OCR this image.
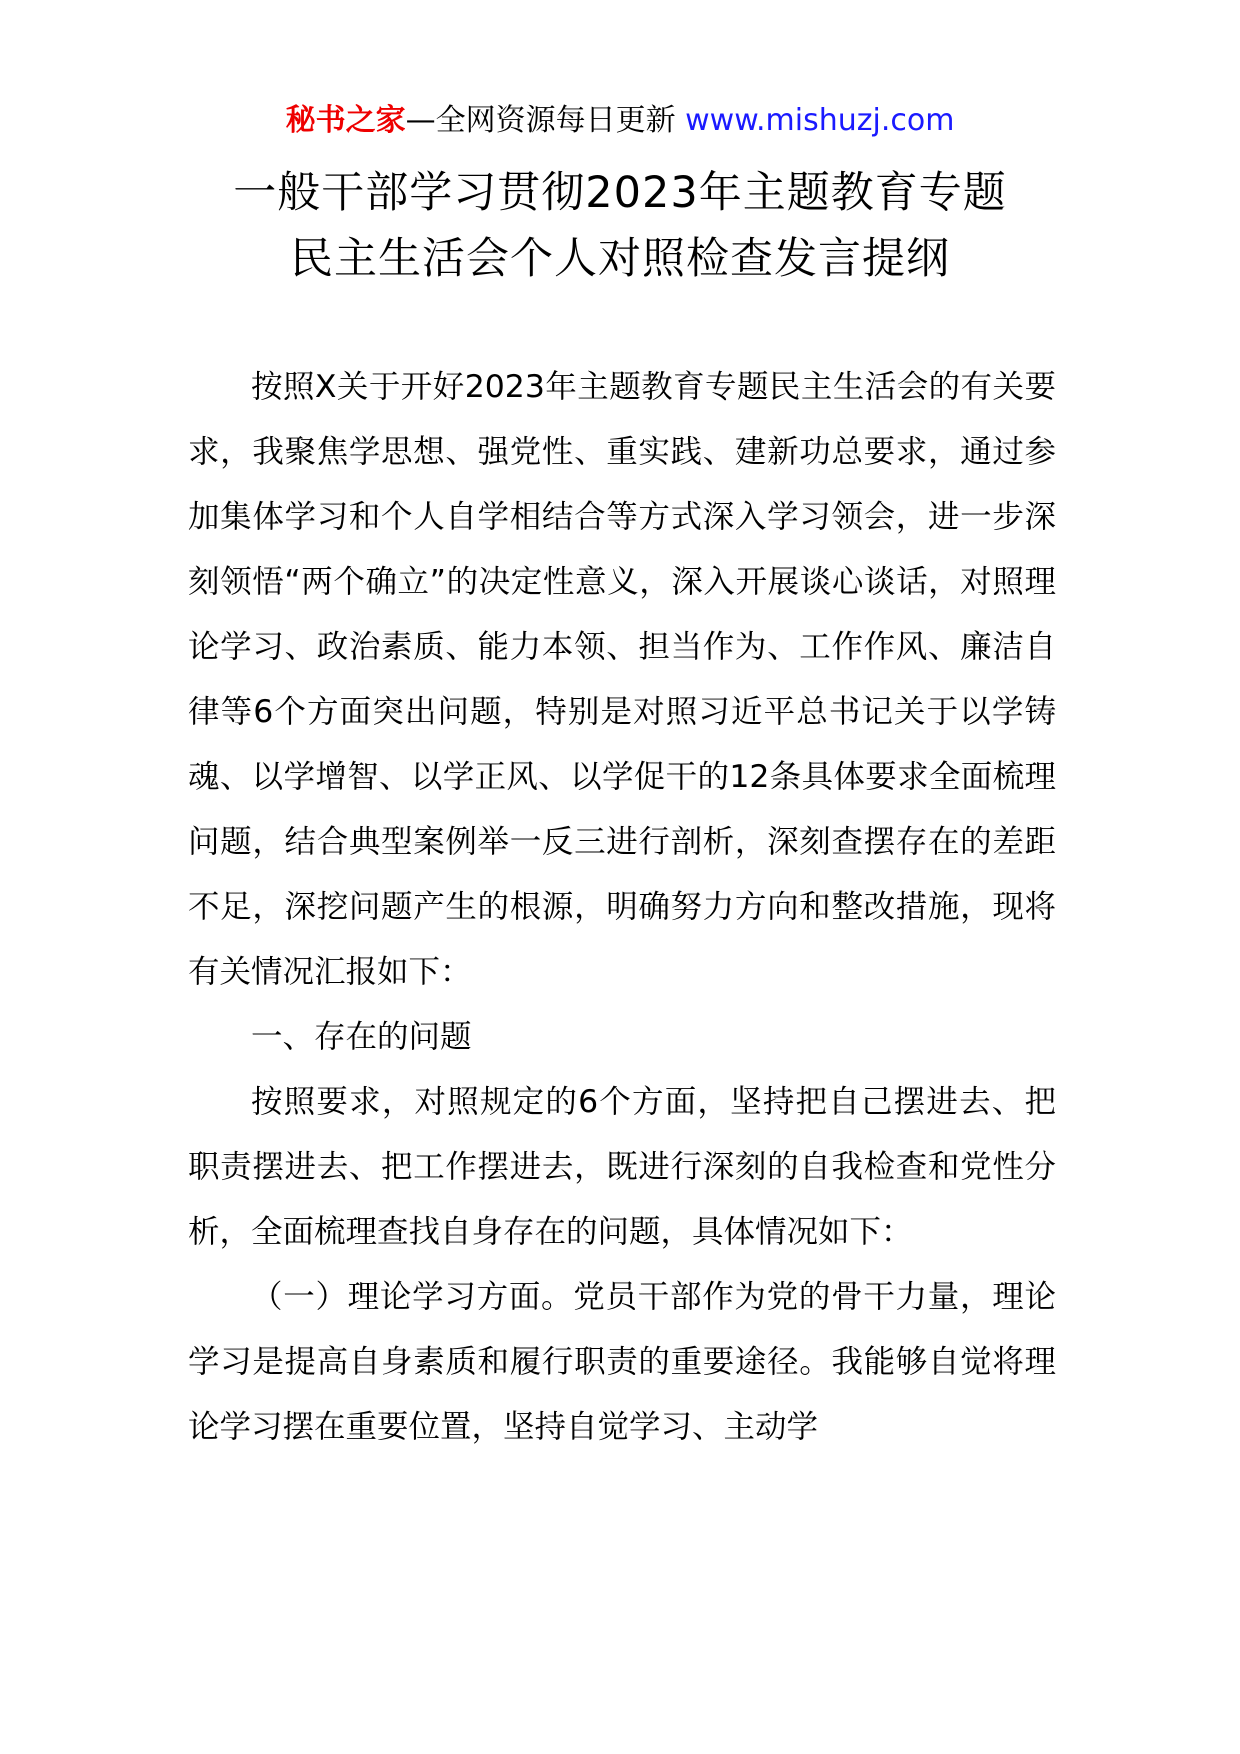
秘书之家—全网资源每日更新 www.mishuzj.com
一般干部学习贯彻2023年主题教育专题
民主生活会个人对照检查发言提纲

按照X关于开好2023年主题教育专题民主生活会的有关要求，我聚焦学思想、强党性、重实践、建新功总要求，通过参加集体学习和个人自学相结合等方式深入学习领会，进一步深刻领悟“两个确立”的决定性意义，深入开展谈心谈话，对照理论学习、政治素质、能力本领、担当作为、工作作风、廉洁自律等6个方面突出问题，特别是对照习近平总书记关于以学铸魂、以学增智、以学正风、以学促干的12条具体要求全面梳理问题，结合典型案例举一反三进行剖析，深刻查摆存在的差距不足，深挖问题产生的根源，明确努力方向和整改措施，现将有关情况汇报如下：

一、存在的问题

按照要求，对照规定的6个方面，坚持把自己摆进去、把职责摆进去、把工作摆进去，既进行深刻的自我检查和党性分析，全面梳理查找自身存在的问题，具体情况如下：

（一）理论学习方面。党员干部作为党的骨干力量，理论学习是提高自身素质和履行职责的重要途径。我能够自觉将理论学习摆在重要位置，坚持自觉学习、主动学
